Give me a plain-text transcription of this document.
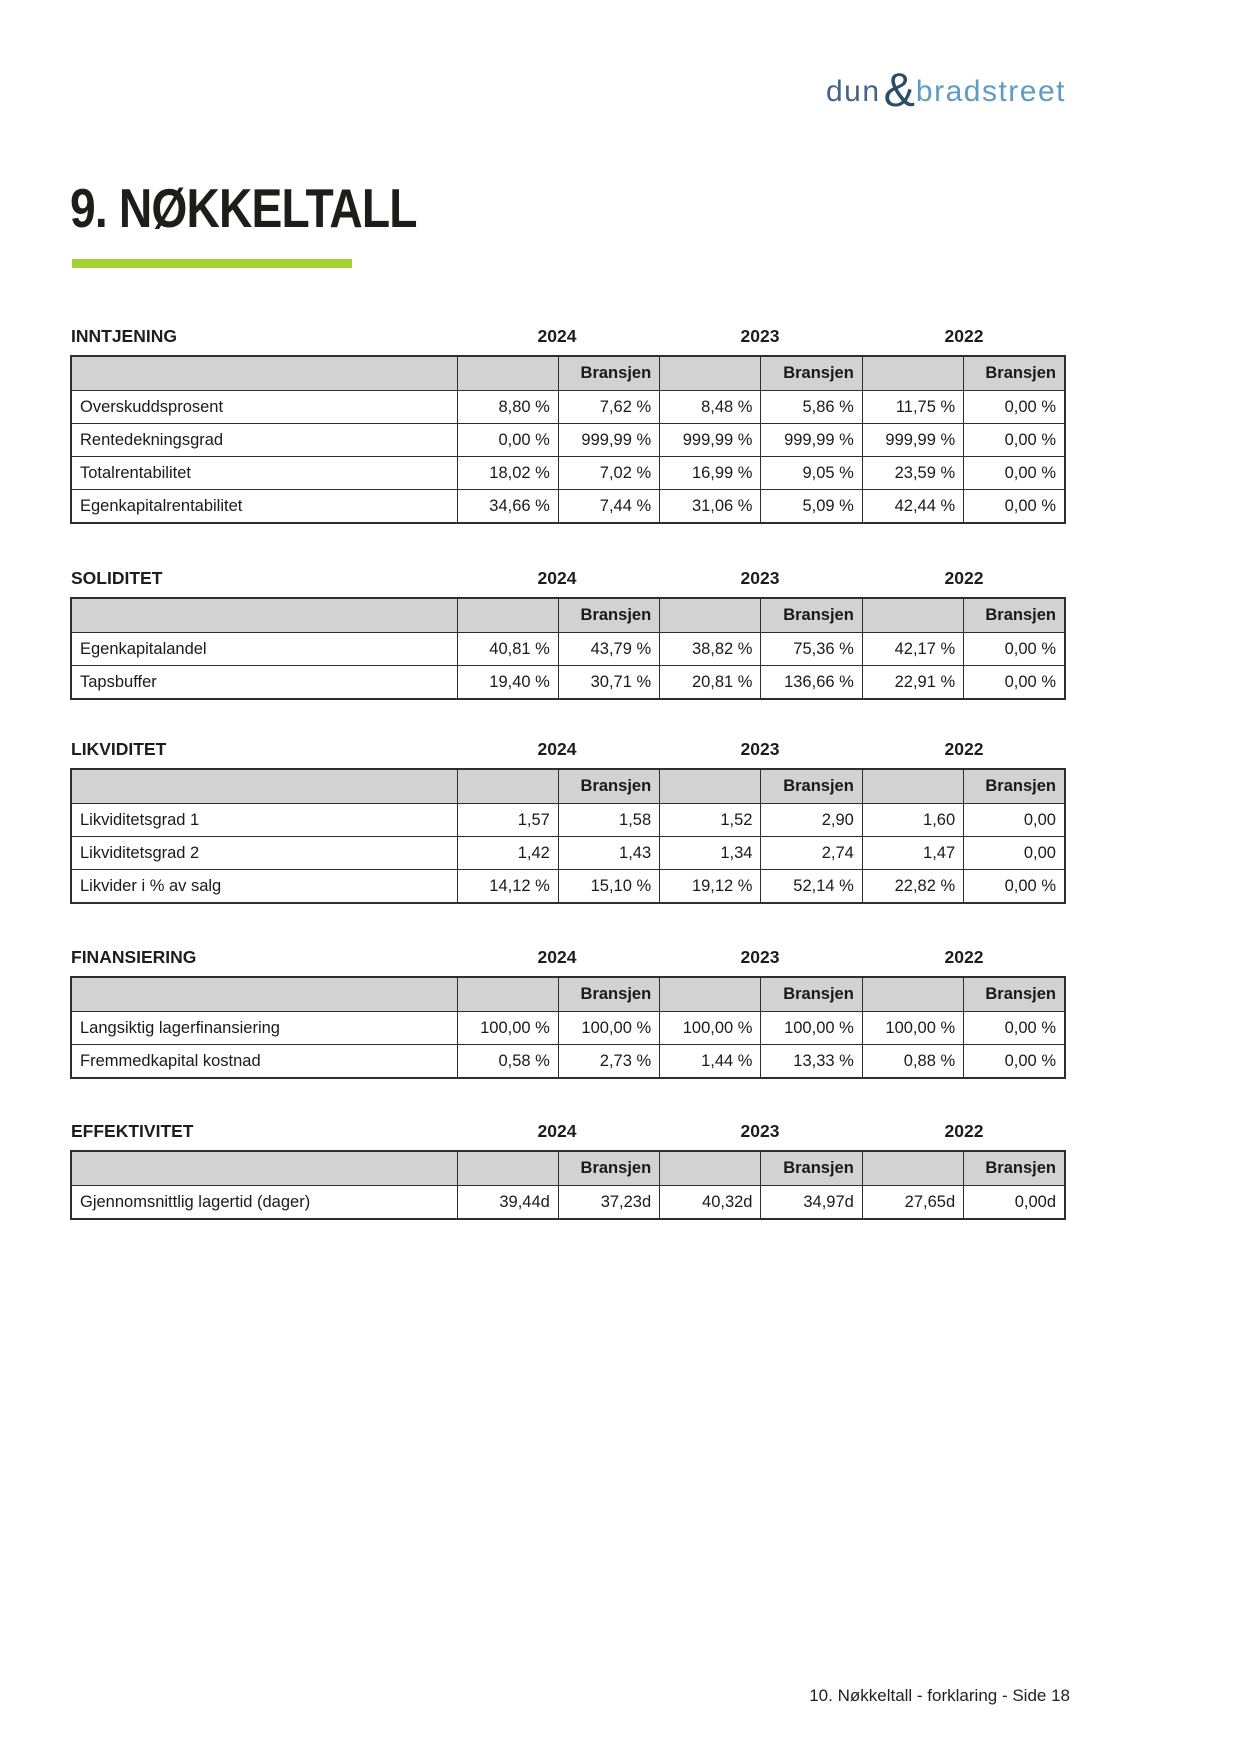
dun & bradstreet
9. NØKKELTALL
INNTJENING	2024	2023	2022
		Bransjen		Bransjen		Bransjen
Overskuddsprosent	8,80 %	7,62 %	8,48 %	5,86 %	11,75 %	0,00 %
Rentedekningsgrad	0,00 %	999,99 %	999,99 %	999,99 %	999,99 %	0,00 %
Totalrentabilitet	18,02 %	7,02 %	16,99 %	9,05 %	23,59 %	0,00 %
Egenkapitalrentabilitet	34,66 %	7,44 %	31,06 %	5,09 %	42,44 %	0,00 %
SOLIDITET	2024	2023	2022
		Bransjen		Bransjen		Bransjen
Egenkapitalandel	40,81 %	43,79 %	38,82 %	75,36 %	42,17 %	0,00 %
Tapsbuffer	19,40 %	30,71 %	20,81 %	136,66 %	22,91 %	0,00 %
LIKVIDITET	2024	2023	2022
		Bransjen		Bransjen		Bransjen
Likviditetsgrad 1	1,57	1,58	1,52	2,90	1,60	0,00
Likviditetsgrad 2	1,42	1,43	1,34	2,74	1,47	0,00
Likvider i % av salg	14,12 %	15,10 %	19,12 %	52,14 %	22,82 %	0,00 %
FINANSIERING	2024	2023	2022
		Bransjen		Bransjen		Bransjen
Langsiktig lagerfinansiering	100,00 %	100,00 %	100,00 %	100,00 %	100,00 %	0,00 %
Fremmedkapital kostnad	0,58 %	2,73 %	1,44 %	13,33 %	0,88 %	0,00 %
EFFEKTIVITET	2024	2023	2022
		Bransjen		Bransjen		Bransjen
Gjennomsnittlig lagertid (dager)	39,44d	37,23d	40,32d	34,97d	27,65d	0,00d
10. Nøkkeltall - forklaring - Side 18
